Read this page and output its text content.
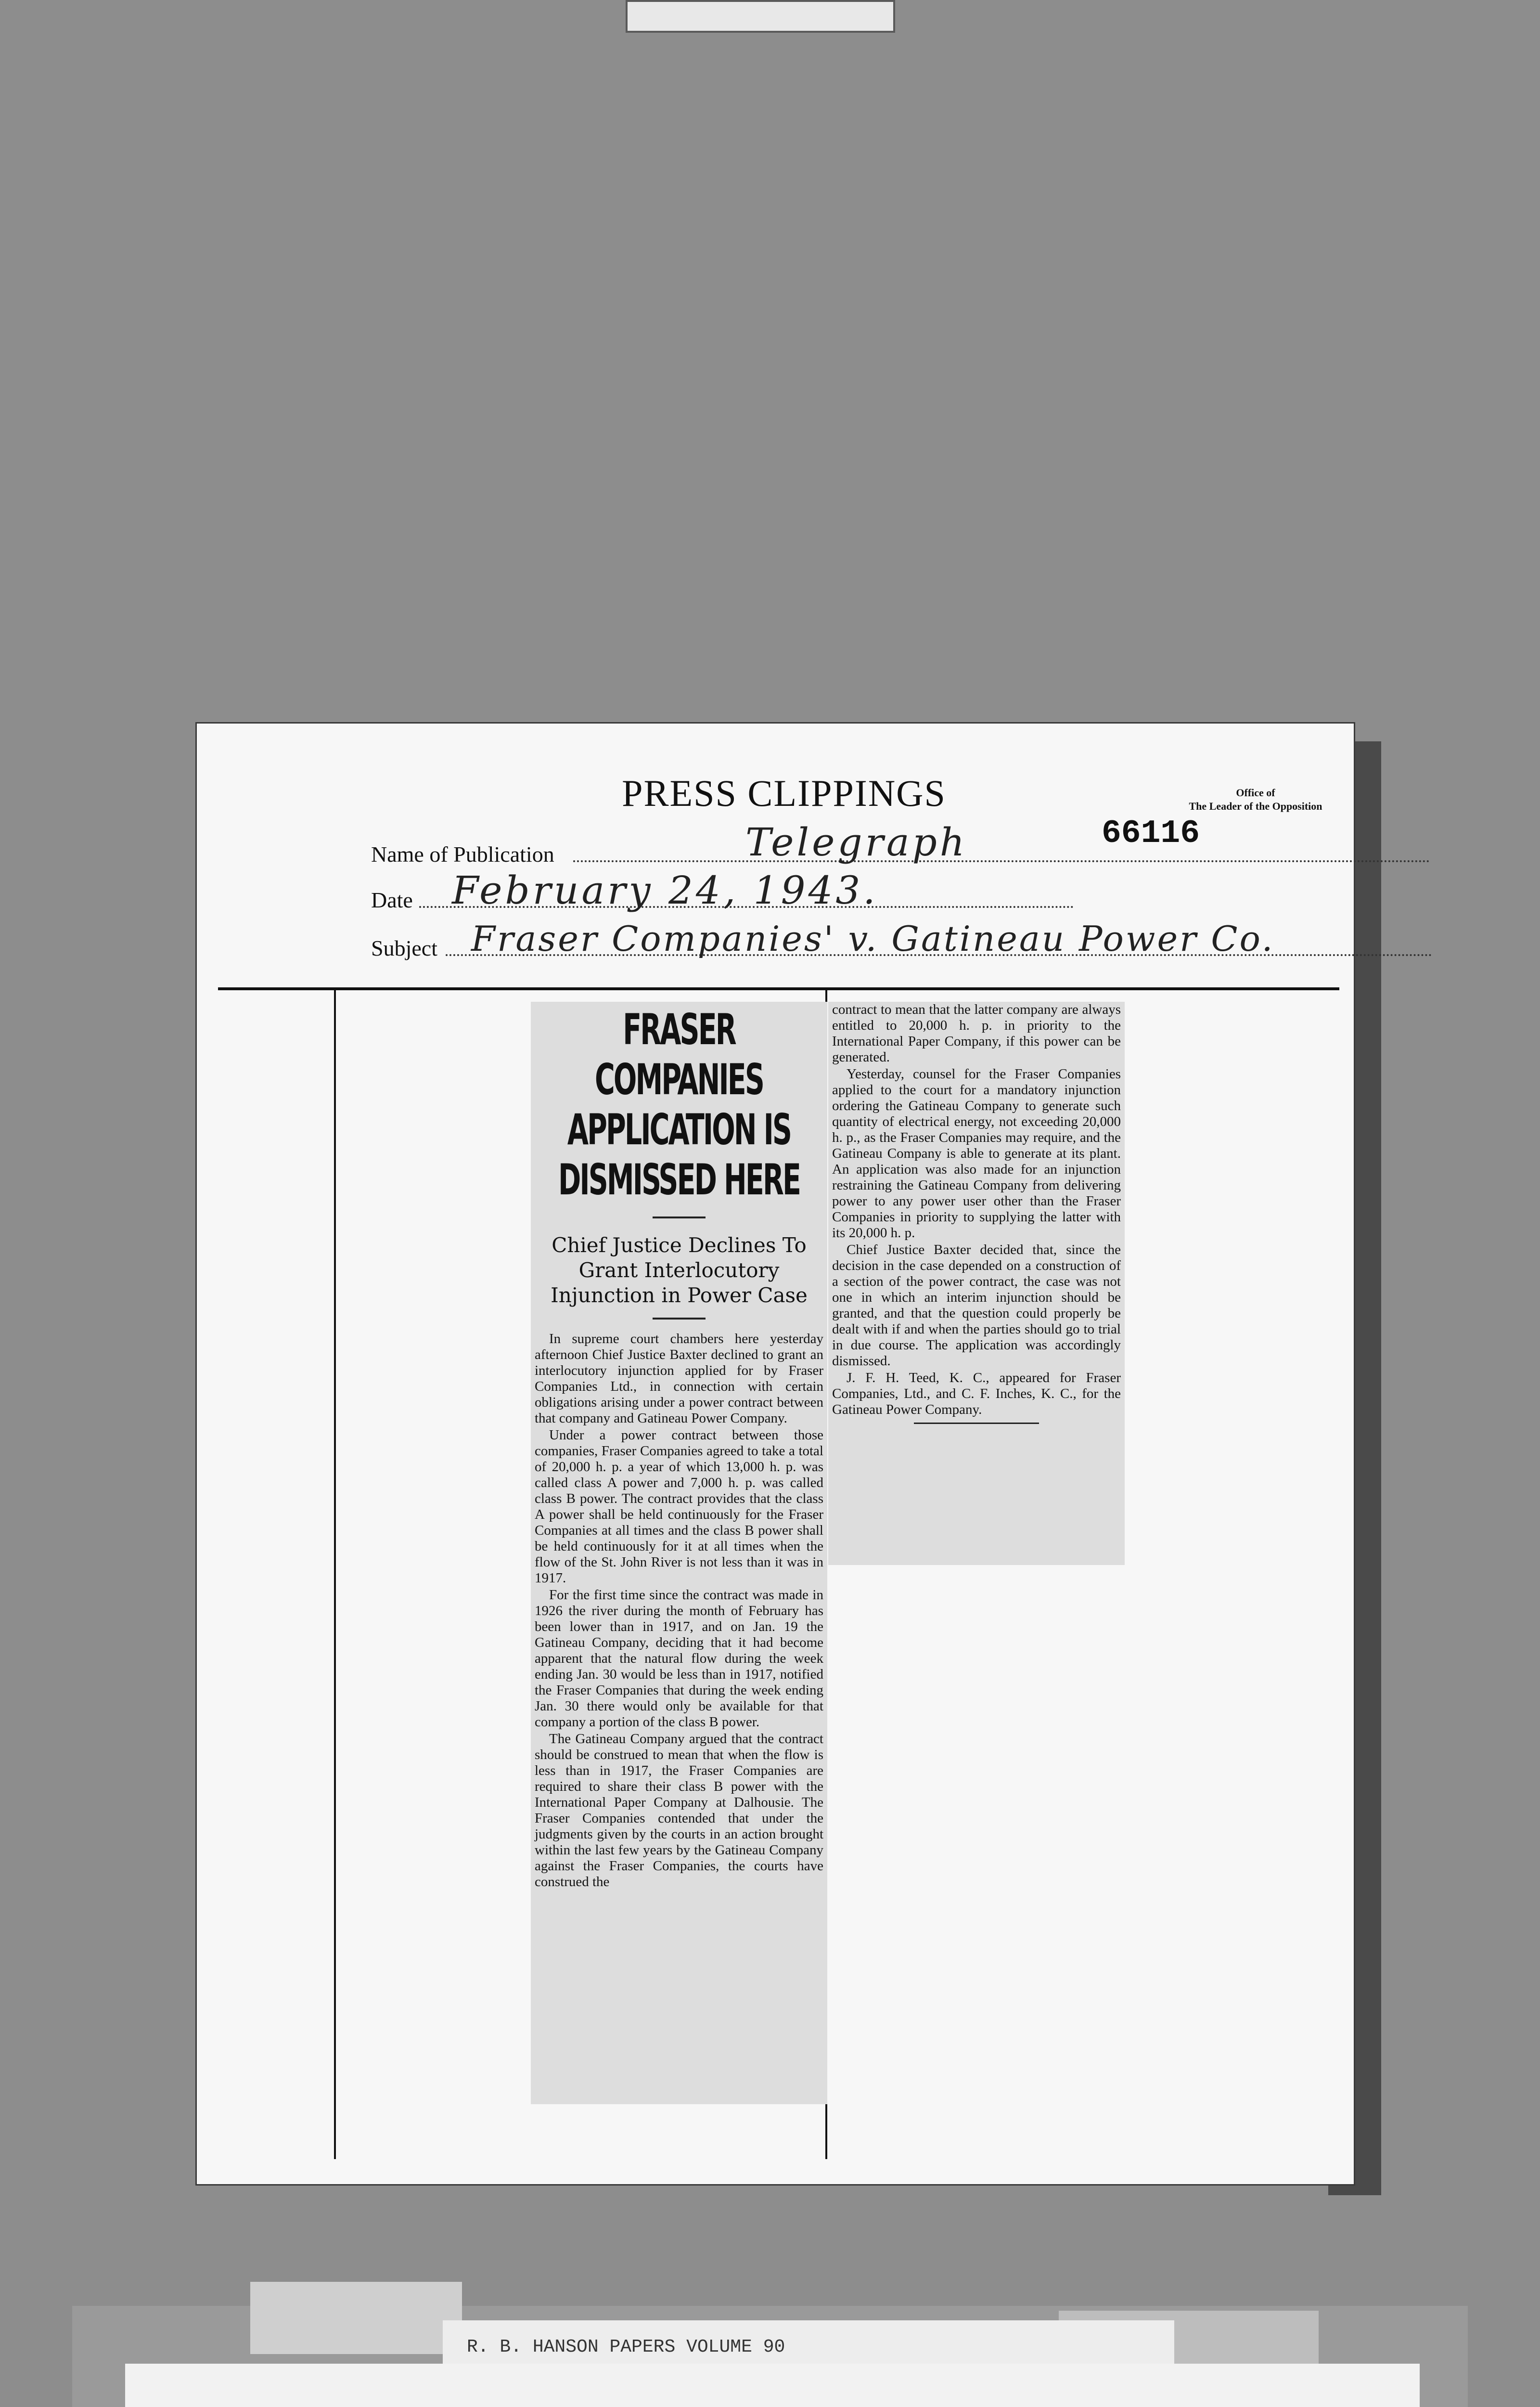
PRESS CLIPPINGS	Office of
The Leader of the Opposition
66116
Name of Publication	Telegraph
Date	February 24, 1943.
Subject Fraser Companies' v. Gatineau Power Co.
FRASER COMPANIES APPLICATION IS DISMISSED HERE
Chief Justice Declines To Grant Interlocutory Injunction in Power Case

In supreme court chambers here yesterday afternoon Chief Justice Baxter declined to grant an interlocutory injunction applied for by Fraser Companies Ltd., in connection with certain obligations arising under a power contract between that company and Gatineau Power Company.

Under a power contract between those companies, Fraser Companies agreed to take a total of 20,000 h. p. a year of which 13,000 h. p. was called class A power and 7,000 h. p. was called class B power. The contract provides that the class A power shall be held continuously for the Fraser Companies at all times and the class B power shall be held continuously for it at all times when the flow of the St. John River is not less than it was in 1917.

For the first time since the contract was made in 1926 the river during the month of February has been lower than in 1917, and on Jan. 19 the Gatineau Company, deciding that it had become apparent that the natural flow during the week ending Jan. 30 would be less than in 1917, notified the Fraser Companies that during the week ending Jan. 30 there would only be available for that company a portion of the class B power.

The Gatineau Company argued that the contract should be construed to mean that when the flow is less than in 1917, the Fraser Companies are required to share their class B power with the International Paper Company at Dalhousie. The Fraser Companies contended that under the judgments given by the courts in an action brought within the last few years by the Gatineau Company against the Fraser Companies, the courts have construed the

contract to mean that the latter company are always entitled to 20,000 h. p. in priority to the International Paper Company, if this power can be generated.

Yesterday, counsel for the Fraser Companies applied to the court for a mandatory injunction ordering the Gatineau Company to generate such quantity of electrical energy, not exceeding 20,000 h. p., as the Fraser Companies may require, and the Gatineau Company is able to generate at its plant. An application was also made for an injunction restraining the Gatineau Company from delivering power to any power user other than the Fraser Companies in priority to supplying the latter with its 20,000 h. p.

Chief Justice Baxter decided that, since the decision in the case depended on a construction of a section of the power contract, the case was not one in which an interim injunction should be granted, and that the question could properly be dealt with if and when the parties should go to trial in due course. The application was accordingly dismissed.

J. F. H. Teed, K. C., appeared for Fraser Companies, Ltd., and C. F. Inches, K. C., for the Gatineau Power Company.

R. B. HANSON PAPERS VOLUME 90
